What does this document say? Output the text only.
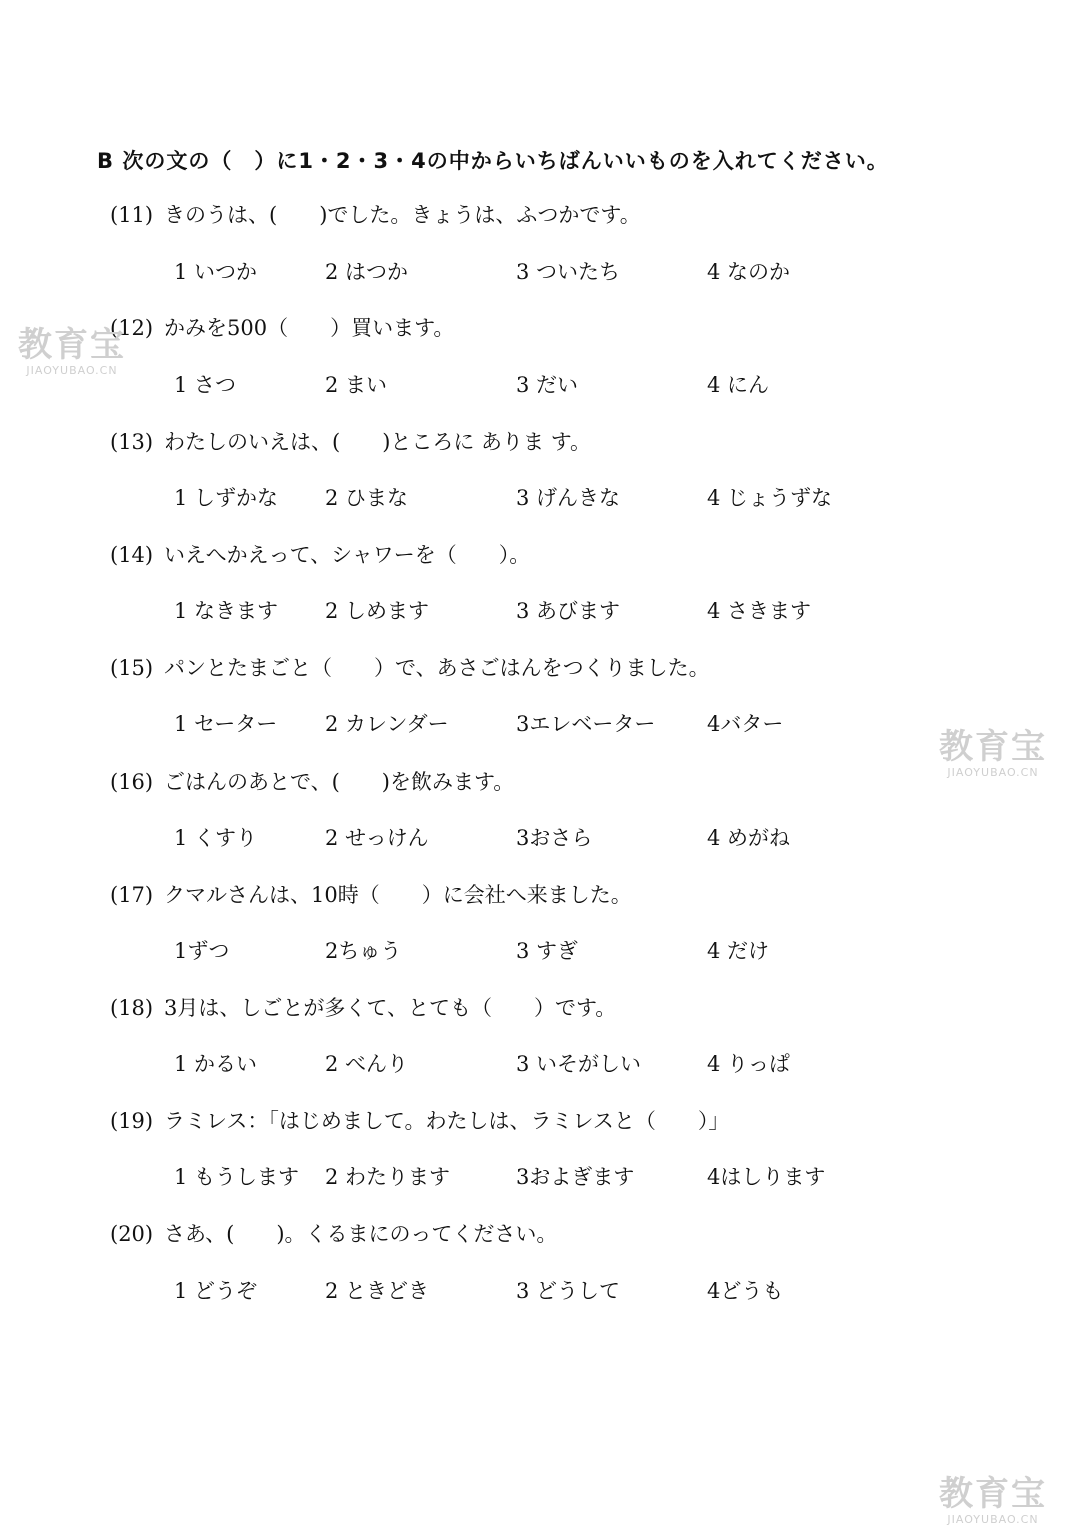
B 次の文の（　）に1・2・3・4の中からいちばんいいものを入れてください。
(11) きのうは、(　　)でした。きょうは、ふつかです。
1 いつか	2 はつか	3 ついたち	4 なのか
(12) かみを500（　　）買います。
1 さつ	2 まい	3 だい	4 にん
(13) わたしのいえは、(　　)ところに ありま す。
1 しずかな 2 ひまな	3 げんきな	4 じょうずな
(14) いえへかえって、シャワーを（　　）。
1 なきます 2 しめます	3 あびます	4 さきます
(15) パンとたまごと（　　）で、あさごはんをつくりました。
1 セーター 2 カレンダー	3エレベーター 4バター
(16) ごはんのあとで、(　　)を飲みます。
1 くすり	2 せっけん	3おさら	4 めがね
(17) クマルさんは、10時（　　）に会社へ来ました。
1ずつ	2ちゅう	3 すぎ	4 だけ
(18) 3月は、しごとが多くて、とても（　　）です。
1 かるい	2 べんり	3 いそがしい	4 りっぱ
(19) ラミレス：「はじめまして。わたしは、ラミレスと（　　）」
1 もうします 2 わたります	3およぎます	4はしります
(20) さあ、(　　)。くるまにのってください。
1 どうぞ	2 ときどき	3 どうして	4どうも
教育宝
JIAOYUBAO.CN
教育宝
JIAOYUBAO.CN
教育宝
JIAOYUBAO.CN
